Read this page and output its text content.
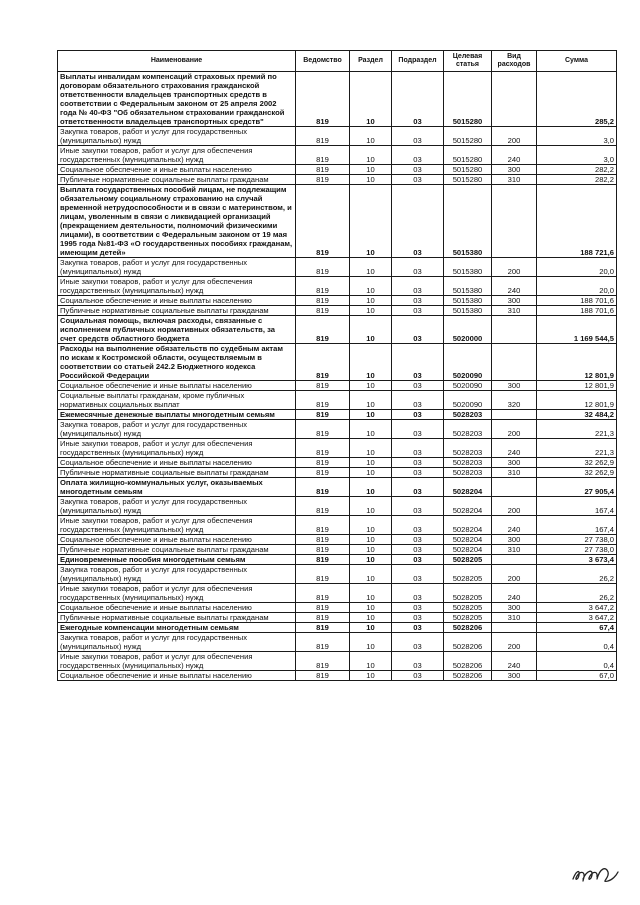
Наименование	Ведомство	Раздел	Подраздел	Целевая статья	Вид расходов	Сумма
Выплаты инвалидам компенсаций страховых премий по договорам обязательного страхования гражданской ответственности владельцев транспортных средств в соответствии с Федеральным законом от 25 апреля 2002 года № 40-ФЗ "Об обязательном страховании гражданской ответственности владельцев транспортных средств"	819	10	03	5015280		285,2
Закупка товаров, работ и услуг для государственных (муниципальных) нужд	819	10	03	5015280	200	3,0
Иные закупки товаров, работ и услуг для обеспечения государственных (муниципальных) нужд	819	10	03	5015280	240	3,0
Социальное обеспечение и иные выплаты населению	819	10	03	5015280	300	282,2
Публичные нормативные социальные выплаты гражданам	819	10	03	5015280	310	282,2
Выплата государственных пособий лицам, не подлежащим обязательному социальному страхованию на случай временной нетрудоспособности и в связи с материнством, и лицам, уволенным в связи с ликвидацией организаций (прекращением деятельности, полномочий физическими лицами), в соответствии с Федеральным законом от 19 мая 1995 года №81-ФЗ «О государственных пособиях гражданам, имеющим детей»	819	10	03	5015380		188 721,6
Закупка товаров, работ и услуг для государственных (муниципальных) нужд	819	10	03	5015380	200	20,0
Иные закупки товаров, работ и услуг для обеспечения государственных (муниципальных) нужд	819	10	03	5015380	240	20,0
Социальное обеспечение и иные выплаты населению	819	10	03	5015380	300	188 701,6
Публичные нормативные социальные выплаты гражданам	819	10	03	5015380	310	188 701,6
Социальная помощь, включая расходы, связанные с исполнением публичных нормативных обязательств, за счет средств областного бюджета	819	10	03	5020000		1 169 544,5
Расходы на выполнение обязательств по судебным актам по искам к Костромской области, осуществляемым в соответствии со статьей 242.2 Бюджетного кодекса Российской Федерации	819	10	03	5020090		12 801,9
Социальное обеспечение и иные выплаты населению	819	10	03	5020090	300	12 801,9
Социальные выплаты гражданам, кроме публичных нормативных социальных выплат	819	10	03	5020090	320	12 801,9
Ежемесячные денежные выплаты многодетным семьям	819	10	03	5028203		32 484,2
Закупка товаров, работ и услуг для государственных (муниципальных) нужд	819	10	03	5028203	200	221,3
Иные закупки товаров, работ и услуг для обеспечения государственных (муниципальных) нужд	819	10	03	5028203	240	221,3
Социальное обеспечение и иные выплаты населению	819	10	03	5028203	300	32 262,9
Публичные нормативные социальные выплаты гражданам	819	10	03	5028203	310	32 262,9
Оплата жилищно-коммунальных услуг, оказываемых многодетным семьям	819	10	03	5028204		27 905,4
Закупка товаров, работ и услуг для государственных (муниципальных) нужд	819	10	03	5028204	200	167,4
Иные закупки товаров, работ и услуг для обеспечения государственных (муниципальных) нужд	819	10	03	5028204	240	167,4
Социальное обеспечение и иные выплаты населению	819	10	03	5028204	300	27 738,0
Публичные нормативные социальные выплаты гражданам	819	10	03	5028204	310	27 738,0
Единовременные пособия многодетным семьям	819	10	03	5028205		3 673,4
Закупка товаров, работ и услуг для государственных (муниципальных) нужд	819	10	03	5028205	200	26,2
Иные закупки товаров, работ и услуг для обеспечения государственных (муниципальных) нужд	819	10	03	5028205	240	26,2
Социальное обеспечение и иные выплаты населению	819	10	03	5028205	300	3 647,2
Публичные нормативные социальные выплаты гражданам	819	10	03	5028205	310	3 647,2
Ежегодные компенсации многодетным семьям	819	10	03	5028206		67,4
Закупка товаров, работ и услуг для государственных (муниципальных) нужд	819	10	03	5028206	200	0,4
Иные закупки товаров, работ и услуг для обеспечения государственных (муниципальных) нужд	819	10	03	5028206	240	0,4
Социальное обеспечение и иные выплаты населению	819	10	03	5028206	300	67,0
